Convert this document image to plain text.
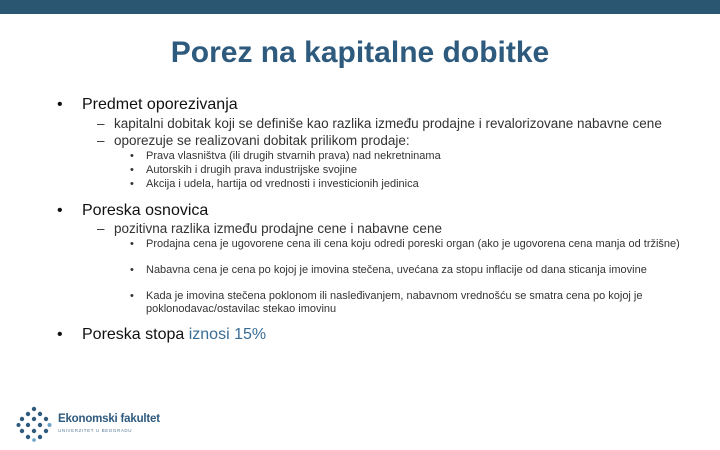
Porez na kapitalne dobitke
• Predmet oporezivanja
– kapitalni dobitak koji se definiše kao razlika između prodajne i revalorizovane nabavne cene
– oporezuje se realizovani dobitak prilikom prodaje:
• Prava vlasništva (ili drugih stvarnih prava) nad nekretninama
• Autorskih i drugih prava industrijske svojine
• Akcija i udela, hartija od vrednosti i investicionih jedinica
• Poreska osnovica
– pozitivna razlika između prodajne cene i nabavne cene
• Prodajna cena je ugovorene cena ili cena koju odredi poreski organ (ako je ugovorena cena manja od tržišne)
• Nabavna cena je cena po kojoj je imovina stečena, uvećana za stopu inflacije od dana sticanja imovine
• Kada je imovina stečena poklonom ili nasleđivanjem, nabavnom vrednošću se smatra cena po kojoj je poklonodavac/ostavilac stekao imovinu
• Poreska stopa iznosi 15%
Ekonomski fakultet
UNIVERZITET U BEOGRADU
